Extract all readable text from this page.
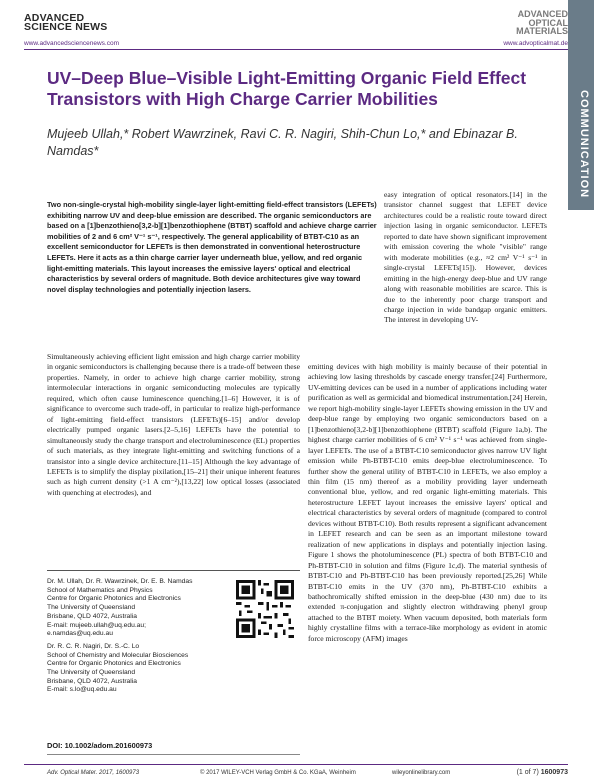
ADVANCED
SCIENCE NEWS
www.advancedsciencenews.com
ADVANCED
OPTICAL
MATERIALS
www.advopticalmat.de
COMMUNICATION
UV–Deep Blue–Visible Light-Emitting Organic Field Effect Transistors with High Charge Carrier Mobilities
Mujeeb Ullah,* Robert Wawrzinek, Ravi C. R. Nagiri, Shih-Chun Lo,* and Ebinazar B. Namdas*
Two non-single-crystal high-mobility single-layer light-emitting field-effect transistors (LEFETs) exhibiting narrow UV and deep-blue emission are described. The organic semiconductors are based on a [1]benzothieno[3,2-b][1]benzothiophene (BTBT) scaffold and achieve charge carrier mobilities of 2 and 6 cm² V⁻¹ s⁻¹, respectively. The general applicability of BTBT-C10 as an excellent semiconductor for LEFETs is then demonstrated in conventional heterostructure LEFETs. Here it acts as a thin charge carrier layer underneath blue, yellow, and red organic light-emitting materials. This layout increases the emissive layers' optical and electrical characteristics by several orders of magnitude. Both device architectures give way toward novel display technologies and potentially injection lasers.
easy integration of optical resonators.[14] in the transistor channel suggest that LEFET device architectures could be a realistic route toward direct injection lasing in organic semiconductor. LEFETs reported to date have shown significant improvement with emission covering the whole "visible" range with moderate mobilities (e.g., ≈2 cm² V⁻¹ s⁻¹ in single-crystal LEFETs[15]). However, devices emitting in the high-energy deep-blue and UV range along with reasonable mobilities are scarce. This is due to the inherently poor charge transport and charge injection in wide bandgap organic emitters. The interest in developing UV-
Simultaneously achieving efficient light emission and high charge carrier mobility in organic semiconductors is challenging because there is a trade-off between these properties. Namely, in order to achieve high charge carrier mobility, strong intermolecular interactions in organic semiconducting molecules are typically required, which often cause luminescence quenching.[1–6] However, it is of significance to overcome such trade-off, in particular to realize high-performance of light-emitting field-effect transistors (LEFETs)[6–15] and/or develop electrically pumped organic lasers.[2–5,16] LEFETs have the potential to simultaneously study the charge transport and electroluminescence (EL) properties of such materials, as they integrate light-emitting and switching functions of a transistor into a single device architecture.[11–15] Although the key advantage of LEFETs is to simplify the display pixilation,[15–21] their unique inherent features such as high current density (>1 A cm⁻²),[13,22] low optical losses (associated with quenching at electrodes), and
emitting devices with high mobility is mainly because of their potential in achieving low lasing thresholds by cascade energy transfer.[24] Furthermore, UV-emitting devices can be used in a number of applications including water purification as well as germicidal and biomedical instrumentation.[24] Herein, we report high-mobility single-layer LEFETs showing emission in the UV and deep-blue range by employing two organic semiconductors based on a [1]benzothieno[3,2-b][1]benzothiophene (BTBT) scaffold (Figure 1a,b). The highest charge carrier mobilities of 6 cm² V⁻¹ s⁻¹ was achieved from single-layer LEFETs. The use of a BTBT-C10 semiconductor gives narrow UV light emission while Ph-BTBT-C10 emits deep-blue electroluminescence. To further show the general utility of BTBT-C10 in LEFETs, we also employ a thin film (15 nm) thereof as a mobility providing layer underneath conventional blue, yellow, and red organic light-emitting materials. This heterostructure LEFET layout increases the emissive layers' optical and electrical characteristics by several orders of magnitude (compared to control devices without BTBT-C10). Both results represent a significant advancement in LEFET research and can be seen as an important milestone toward realization of new applications in displays and potentially injection lasing. Figure 1 shows the photoluminescence (PL) spectra of both BTBT-C10 and Ph-BTBT-C10 in solution and films (Figure 1c,d). The material synthesis of BTBT-C10 and Ph-BTBT-C10 has been previously reported.[25,26] While BTBT-C10 emits in the UV (370 nm), Ph-BTBT-C10 exhibits a bathochromically shifted emission in the deep-blue (430 nm) due to its extended π-conjugation and slightly electron withdrawing phenyl group attached to the BTBT moiety. When vacuum deposited, both materials form highly crystalline films with a terrace-like morphology as evident in atomic force microscopy (AFM) images
Dr. M. Ullah, Dr. R. Wawrzinek, Dr. E. B. Namdas
School of Mathematics and Physics
Centre for Organic Photonics and Electronics
The University of Queensland
Brisbane, QLD 4072, Australia
E-mail: mujeeb.ullah@uq.edu.au;
e.namdas@uq.edu.au
Dr. R. C. R. Nagiri, Dr. S.-C. Lo
School of Chemistry and Molecular Biosciences
Centre for Organic Photonics and Electronics
The University of Queensland
Brisbane, QLD 4072, Australia
E-mail: s.lo@uq.edu.au
DOI: 10.1002/adom.201600973
Adv. Optical Mater. 2017, 1600973	© 2017 WILEY-VCH Verlag GmbH & Co. KGaA, Weinheim	wileyonlinelibrary.com	(1 of 7) 1600973
